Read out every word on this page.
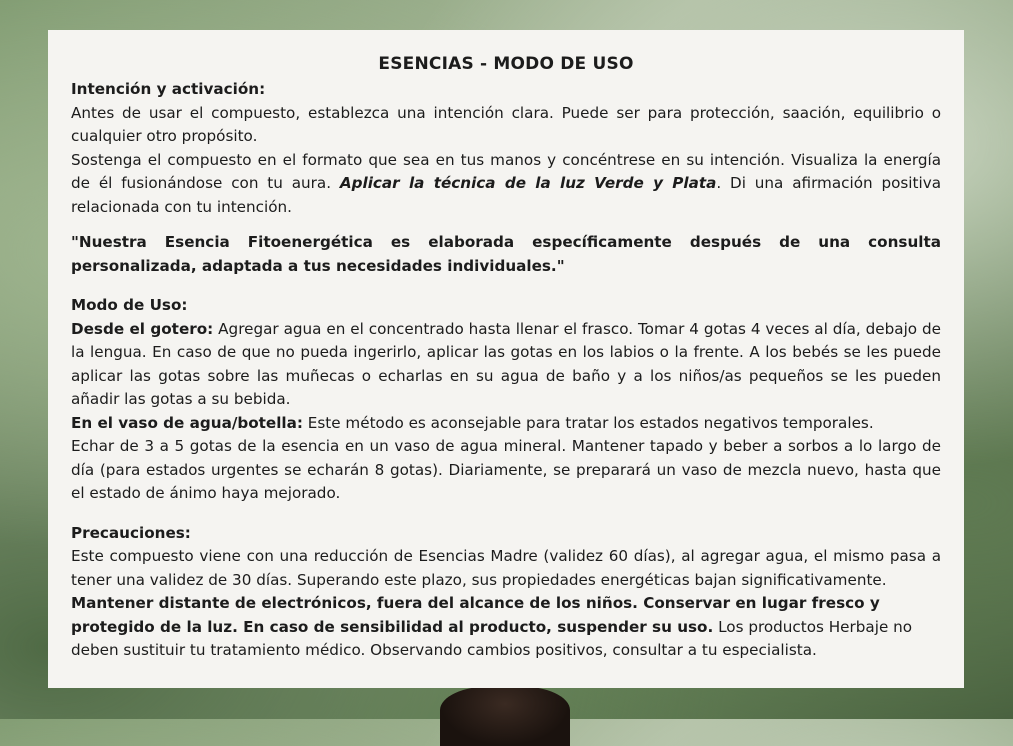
ESENCIAS - MODO DE USO

Intención y activación:

Antes de usar el compuesto, establezca una intención clara. Puede ser para protección, saación, equilibrio o cualquier otro propósito.

Sostenga el compuesto en el formato que sea en tus manos y concéntrese en su intención. Visualiza la energía de él fusionándose con tu aura. Aplicar la técnica de la luz Verde y Plata. Di una afirmación positiva relacionada con tu intención.

"Nuestra Esencia Fitoenergética es elaborada específicamente después de una consulta personalizada, adaptada a tus necesidades individuales."

Modo de Uso:

Desde el gotero: Agregar agua en el concentrado hasta llenar el frasco. Tomar 4 gotas 4 veces al día, debajo de la lengua. En caso de que no pueda ingerirlo, aplicar las gotas en los labios o la frente. A los bebés se les puede aplicar las gotas sobre las muñecas o echarlas en su agua de baño y a los niños/as pequeños se les pueden añadir las gotas a su bebida.

En el vaso de agua/botella: Este método es aconsejable para tratar los estados negativos temporales.

Echar de 3 a 5 gotas de la esencia en un vaso de agua mineral. Mantener tapado y beber a sorbos a lo largo de día (para estados urgentes se echarán 8 gotas). Diariamente, se preparará un vaso de mezcla nuevo, hasta que el estado de ánimo haya mejorado.

Precauciones:

Este compuesto viene con una reducción de Esencias Madre (validez 60 días), al agregar agua, el mismo pasa a tener una validez de 30 días. Superando este plazo, sus propiedades energéticas bajan significativamente.

Mantener distante de electrónicos, fuera del alcance de los niños. Conservar en lugar fresco y protegido de la luz. En caso de sensibilidad al producto, suspender su uso. Los productos Herbaje no deben sustituir tu tratamiento médico. Observando cambios positivos, consultar a tu especialista.
